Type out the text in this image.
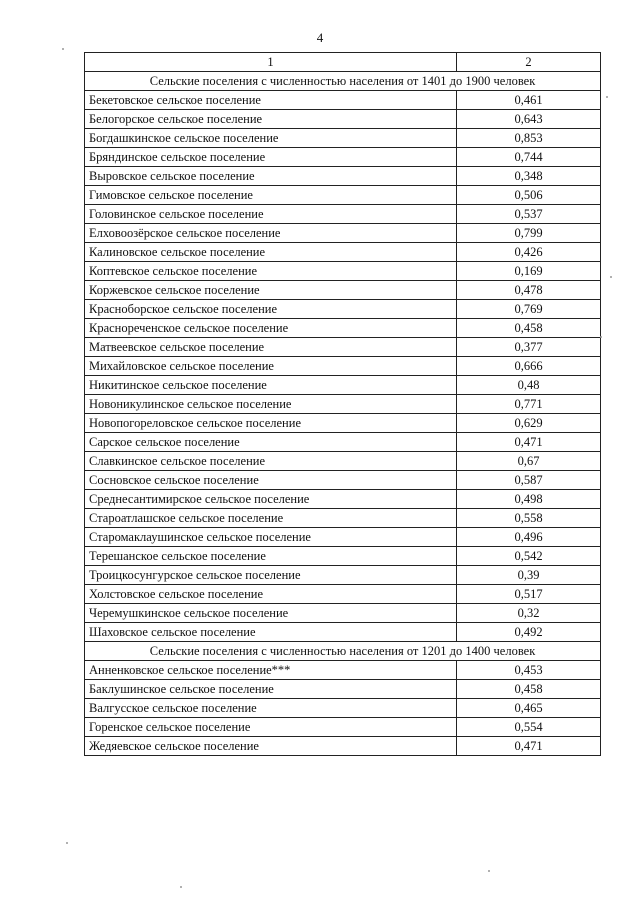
4
1	2
Сельские поселения с численностью населения от 1401 до 1900 человек	
Бекетовское сельское поселение	0,461
Белогорское сельское поселение	0,643
Богдашкинское сельское поселение	0,853
Бряндинское сельское поселение	0,744
Выровское сельское поселение	0,348
Гимовское сельское поселение	0,506
Головинское сельское поселение	0,537
Елховоозёрское сельское поселение	0,799
Калиновское сельское поселение	0,426
Коптевское сельское поселение	0,169
Коржевское сельское поселение	0,478
Красноборское сельское поселение	0,769
Краснореченское сельское поселение	0,458
Матвеевское сельское поселение	0,377
Михайловское сельское поселение	0,666
Никитинское сельское поселение	0,48
Новоникулинское сельское поселение	0,771
Новопогореловское сельское поселение	0,629
Сарское сельское поселение	0,471
Славкинское сельское поселение	0,67
Сосновское сельское поселение	0,587
Среднесантимирское сельское поселение	0,498
Староатлашское сельское поселение	0,558
Старомаклаушинское сельское поселение	0,496
Терешанское сельское поселение	0,542
Троицкосунгурское сельское поселение	0,39
Холстовское сельское поселение	0,517
Черемушкинское сельское поселение	0,32
Шаховское сельское поселение	0,492
Сельские поселения с численностью населения от 1201 до 1400 человек	
Анненковское сельское поселение***	0,453
Баклушинское сельское поселение	0,458
Валгусское сельское поселение	0,465
Горенское сельское поселение	0,554
Жедяевское сельское поселение	0,471
